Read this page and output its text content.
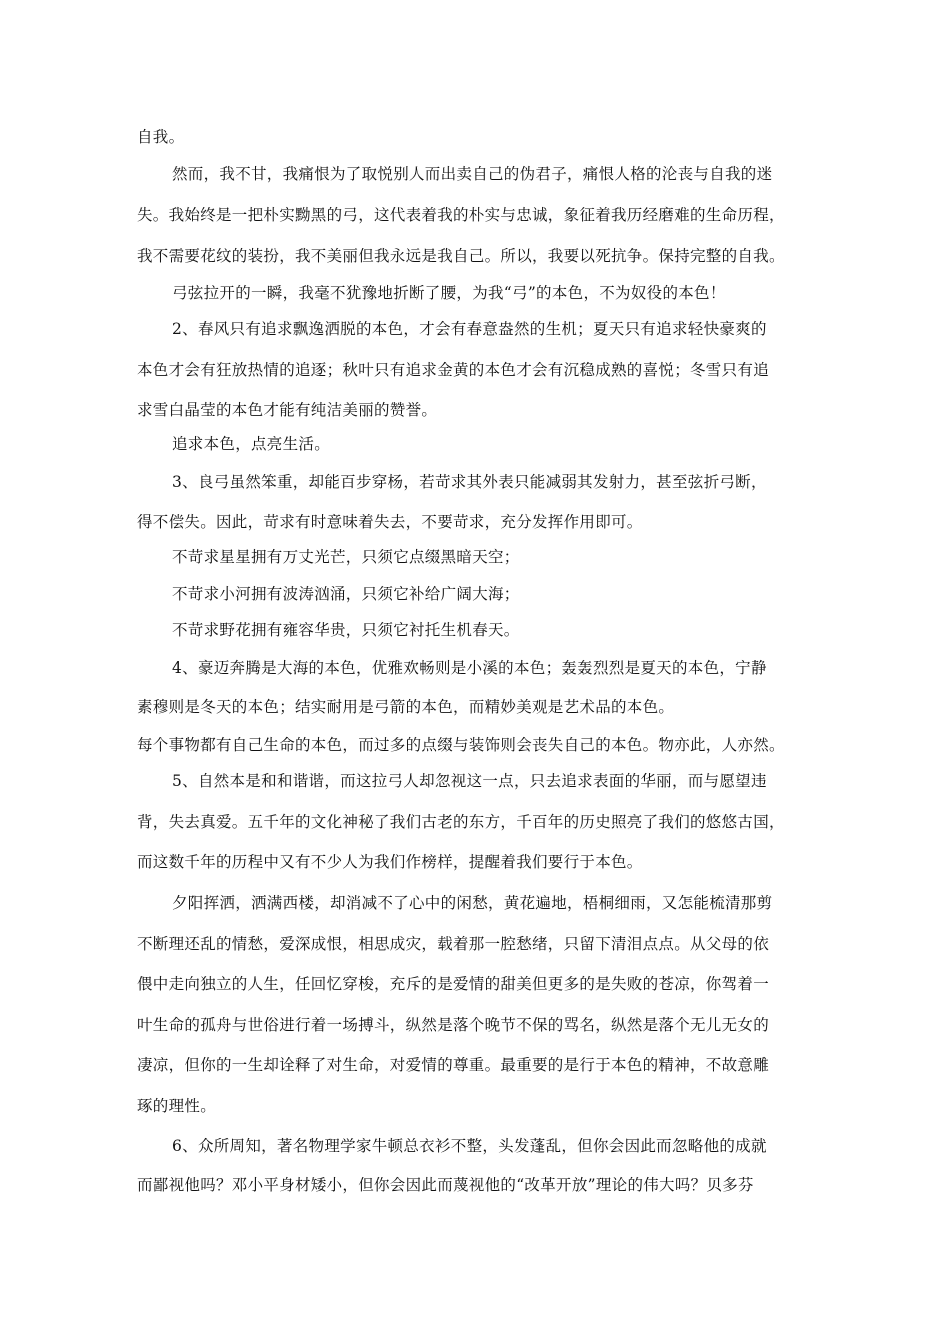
自我。
然而，我不甘，我痛恨为了取悦别人而出卖自己的伪君子，痛恨人格的沦丧与自我的迷
失。我始终是一把朴实黝黑的弓，这代表着我的朴实与忠诚，象征着我历经磨难的生命历程，
我不需要花纹的装扮，我不美丽但我永远是我自己。所以，我要以死抗争。保持完整的自我。
弓弦拉开的一瞬，我毫不犹豫地折断了腰，为我“弓”的本色，不为奴役的本色！
2、春风只有追求飘逸洒脱的本色，才会有春意盎然的生机；夏天只有追求轻快豪爽的
本色才会有狂放热情的追逐；秋叶只有追求金黄的本色才会有沉稳成熟的喜悦；冬雪只有追
求雪白晶莹的本色才能有纯洁美丽的赞誉。
追求本色，点亮生活。
3、良弓虽然笨重，却能百步穿杨，若苛求其外表只能减弱其发射力，甚至弦折弓断，
得不偿失。因此，苛求有时意味着失去，不要苛求，充分发挥作用即可。
不苛求星星拥有万丈光芒，只须它点缀黑暗天空；
不苛求小河拥有波涛汹涌，只须它补给广阔大海；
不苛求野花拥有雍容华贵，只须它衬托生机春天。
4、豪迈奔腾是大海的本色，优雅欢畅则是小溪的本色；轰轰烈烈是夏天的本色，宁静
素穆则是冬天的本色；结实耐用是弓箭的本色，而精妙美观是艺术品的本色。
每个事物都有自己生命的本色，而过多的点缀与装饰则会丧失自己的本色。物亦此，人亦然。
5、自然本是和和谐谐，而这拉弓人却忽视这一点，只去追求表面的华丽，而与愿望违
背，失去真爱。五千年的文化神秘了我们古老的东方，千百年的历史照亮了我们的悠悠古国，
而这数千年的历程中又有不少人为我们作榜样，提醒着我们要行于本色。
夕阳挥洒，洒满西楼，却消减不了心中的闲愁，黄花遍地，梧桐细雨，又怎能梳清那剪
不断理还乱的情愁，爱深成恨，相思成灾，载着那一腔愁绪，只留下清泪点点。从父母的依
偎中走向独立的人生，任回忆穿梭，充斥的是爱情的甜美但更多的是失败的苍凉，你驾着一
叶生命的孤舟与世俗进行着一场搏斗，纵然是落个晚节不保的骂名，纵然是落个无儿无女的
凄凉，但你的一生却诠释了对生命，对爱情的尊重。最重要的是行于本色的精神，不故意雕
琢的理性。
6、众所周知，著名物理学家牛顿总衣衫不整，头发蓬乱，但你会因此而忽略他的成就
而鄙视他吗？邓小平身材矮小，但你会因此而蔑视他的“改革开放”理论的伟大吗？贝多芬
